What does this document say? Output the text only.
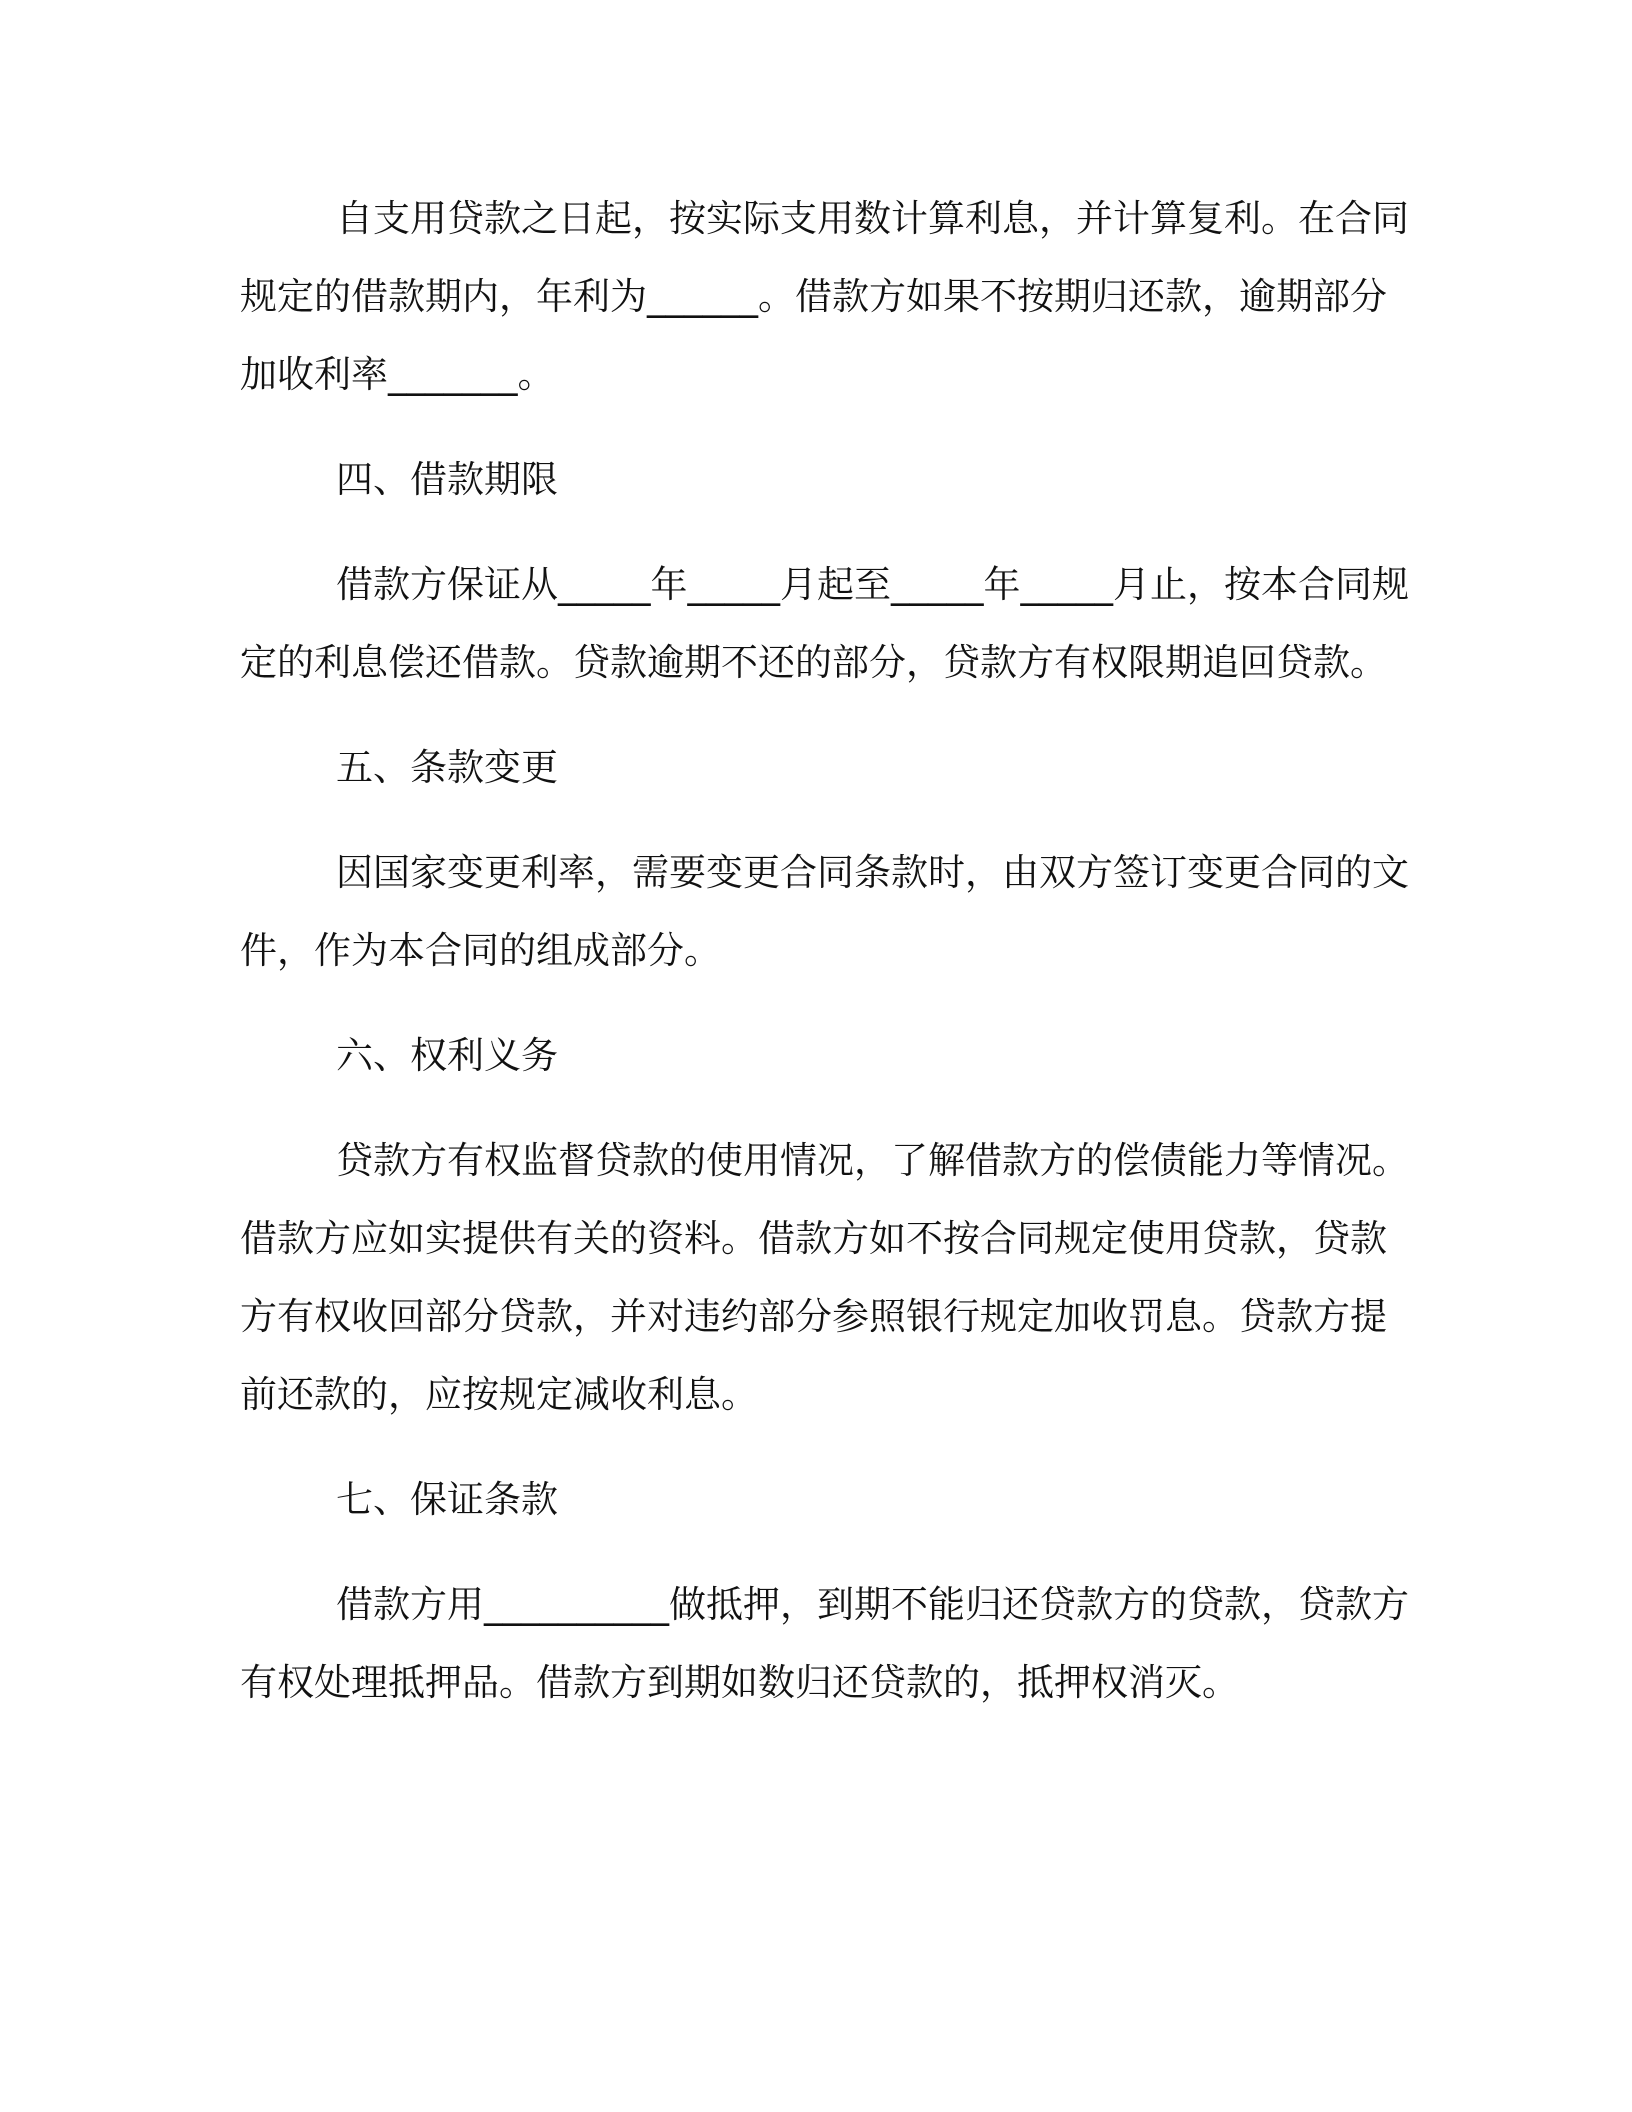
自支用贷款之日起，按实际支用数计算利息，并计算复利。在合同规定的借款期内，年利为______。借款方如果不按期归还款，逾期部分加收利率_______。

四、借款期限

借款方保证从_____年_____月起至_____年_____月止，按本合同规定的利息偿还借款。贷款逾期不还的部分，贷款方有权限期追回贷款。

五、条款变更

因国家变更利率，需要变更合同条款时，由双方签订变更合同的文件，作为本合同的组成部分。

六、权利义务

贷款方有权监督贷款的使用情况，了解借款方的偿债能力等情况。借款方应如实提供有关的资料。借款方如不按合同规定使用贷款，贷款方有权收回部分贷款，并对违约部分参照银行规定加收罚息。贷款方提前还款的，应按规定减收利息。

七、保证条款

借款方用__________做抵押，到期不能归还贷款方的贷款，贷款方有权处理抵押品。借款方到期如数归还贷款的，抵押权消灭。
